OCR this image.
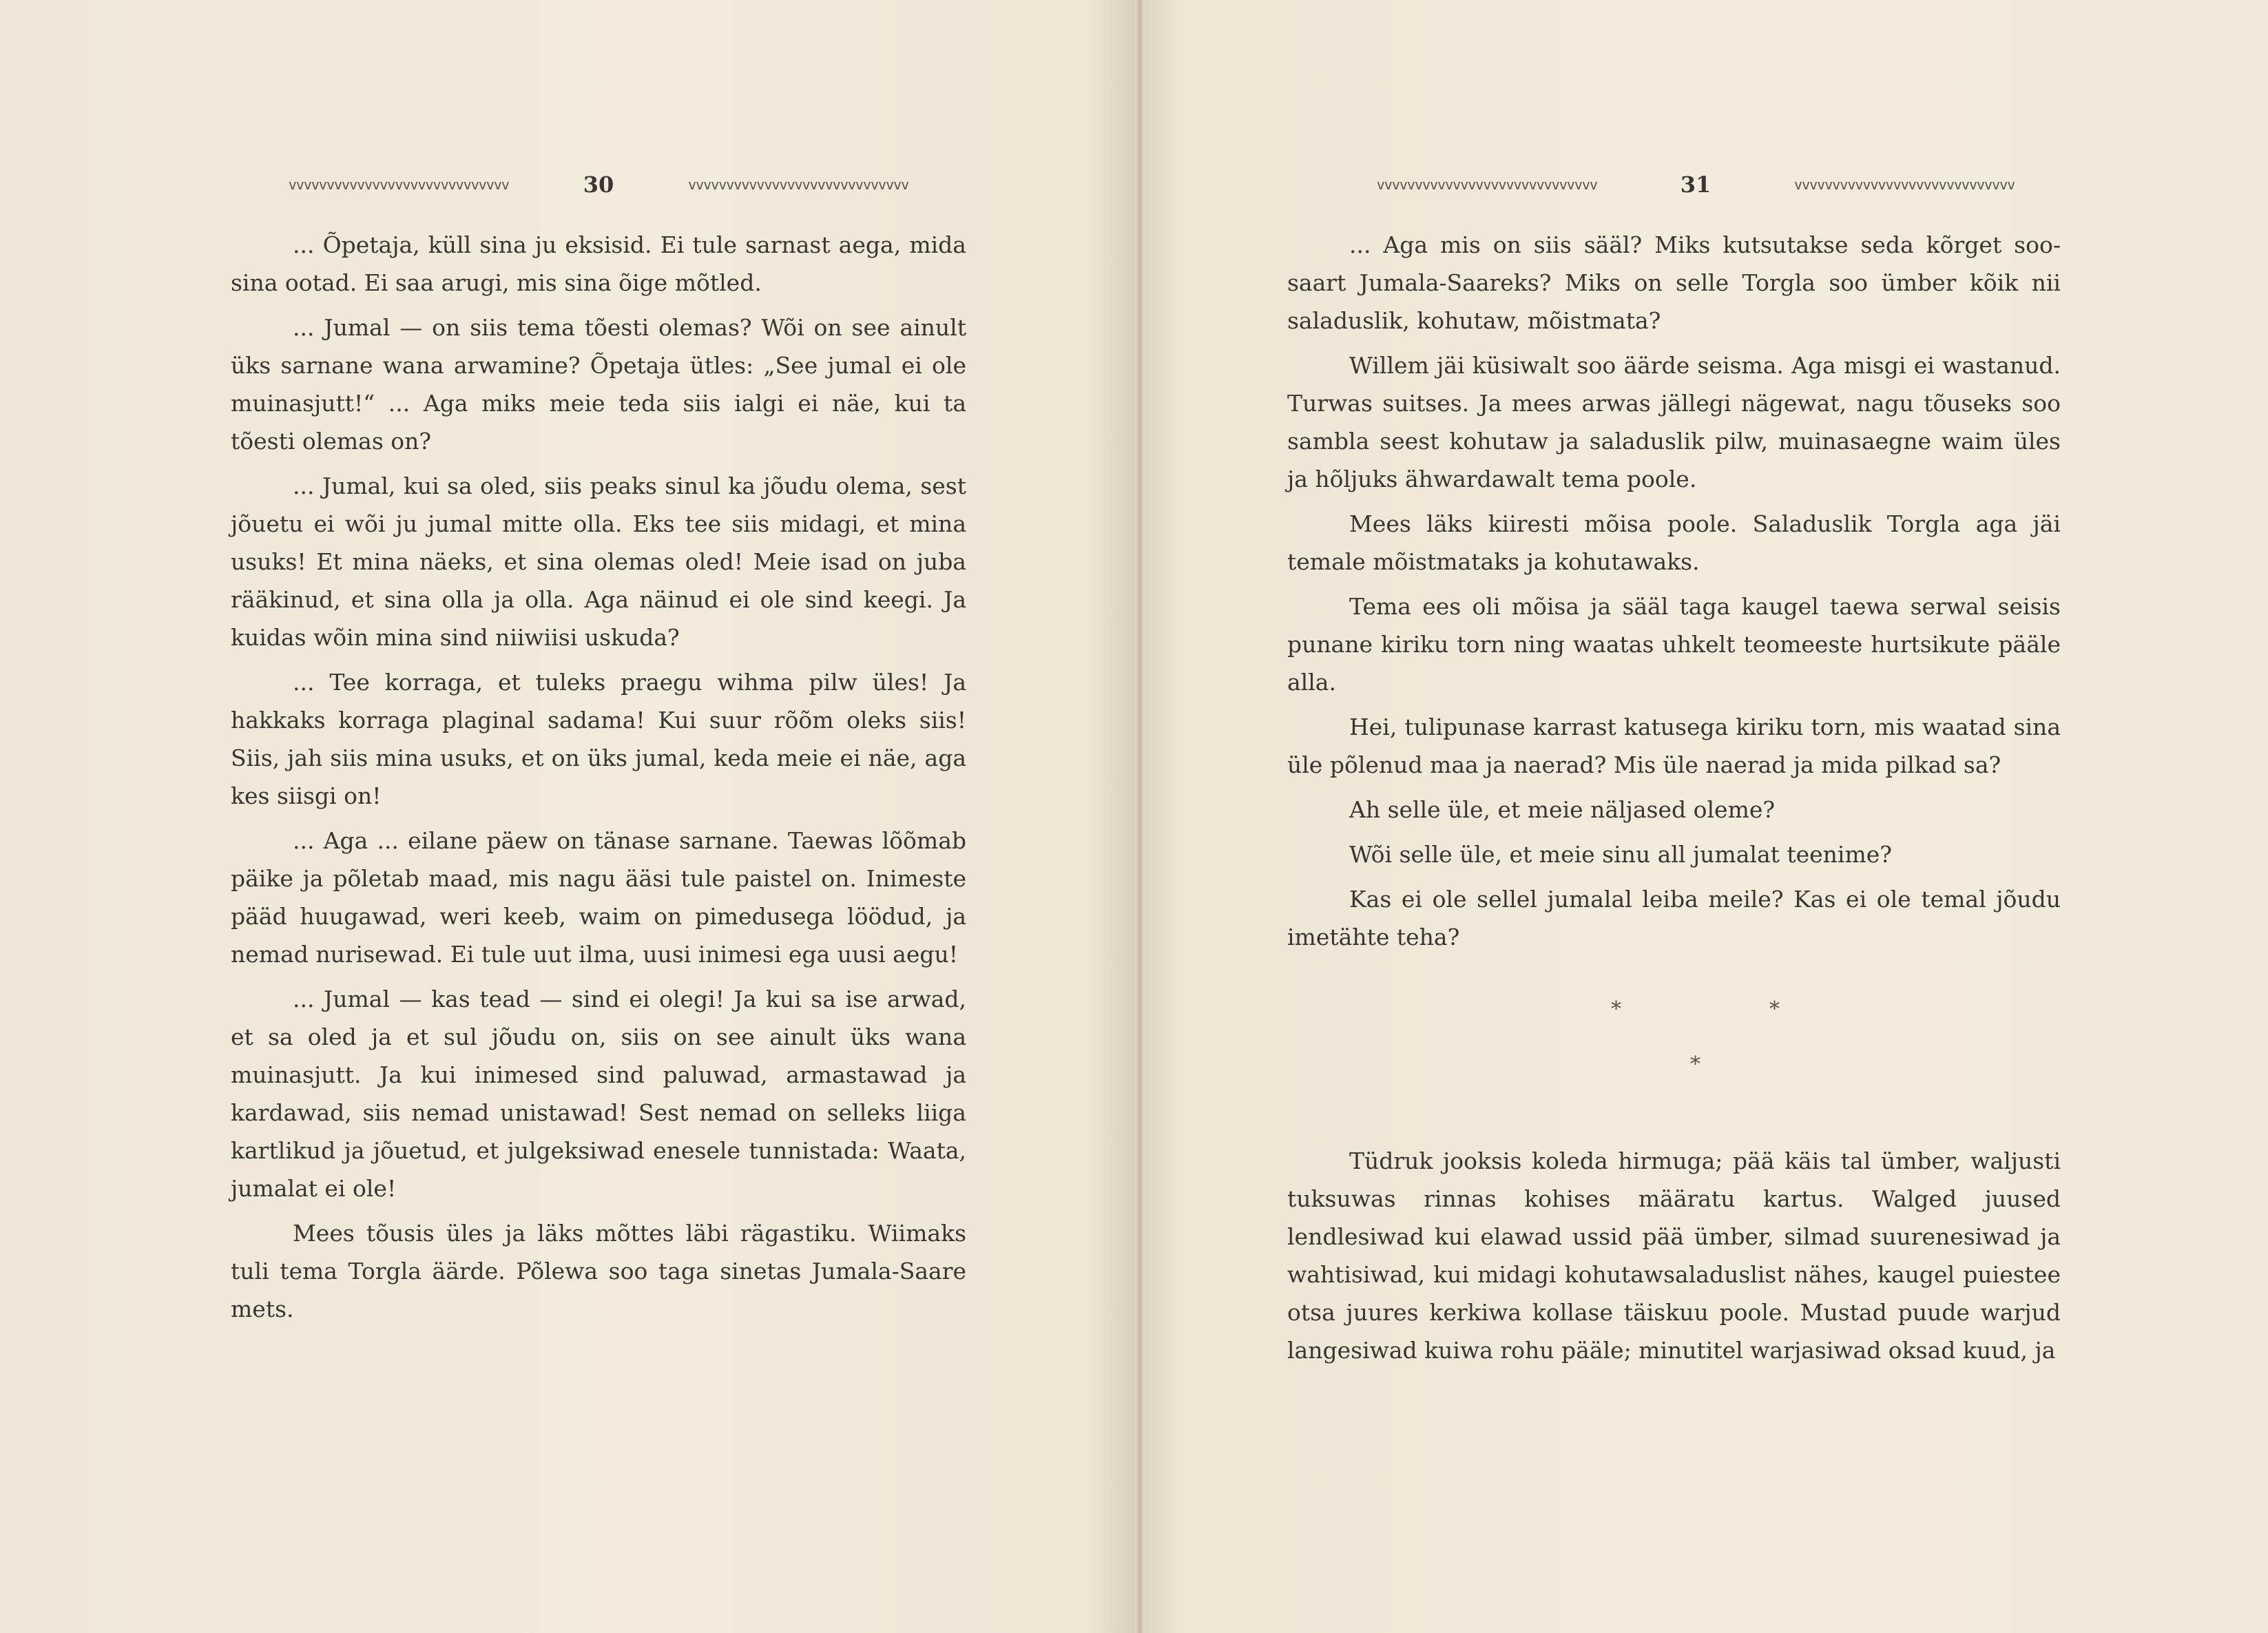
vvvvvvvvvvvvvvvvvvvvvvvvvvvvv	30	vvvvvvvvvvvvvvvvvvvvvvvvvvvvv

... Õpetaja, küll sina ju eksisid. Ei tule sarnast aega, mida sina ootad. Ei saa arugi, mis sina õige mõtled.

... Jumal — on siis tema tõesti olemas? Wõi on see ainult üks sarnane wana arwamine? Õpetaja ütles: „See jumal ei ole muinasjutt!“ ... Aga miks meie teda siis ialgi ei näe, kui ta tõesti olemas on?

... Jumal, kui sa oled, siis peaks sinul ka jõudu olema, sest jõuetu ei wõi ju jumal mitte olla. Eks tee siis midagi, et mina usuks! Et mina näeks, et sina olemas oled! Meie isad on juba rääkinud, et sina olla ja olla. Aga näinud ei ole sind keegi. Ja kuidas wõin mina sind niiwiisi uskuda?

... Tee korraga, et tuleks praegu wihma pilw üles! Ja hakkaks korraga plaginal sadama! Kui suur rõõm oleks siis! Siis, jah siis mina usuks, et on üks jumal, keda meie ei näe, aga kes siisgi on!

... Aga ... eilane päew on tänase sarnane. Taewas lõõmab päike ja põletab maad, mis nagu ääsi tule paistel on. Inimeste pääd huugawad, weri keeb, waim on pimedusega löödud, ja nemad nurisewad. Ei tule uut ilma, uusi inimesi ega uusi aegu!

... Jumal — kas tead — sind ei olegi! Ja kui sa ise arwad, et sa oled ja et sul jõudu on, siis on see ainult üks wana muinasjutt. Ja kui inimesed sind paluwad, armastawad ja kardawad, siis nemad unistawad! Sest nemad on selleks liiga kartlikud ja jõuetud, et julgeksiwad enesele tunnistada: Waata, jumalat ei ole!

Mees tõusis üles ja läks mõttes läbi rägastiku. Wiimaks tuli tema Torgla äärde. Põlewa soo taga sinetas Jumala-Saare mets.

vvvvvvvvvvvvvvvvvvvvvvvvvvvvv	31	vvvvvvvvvvvvvvvvvvvvvvvvvvvvv

... Aga mis on siis sääl? Miks kutsutakse seda kõrget soo-saart Jumala-Saareks? Miks on selle Torgla soo ümber kõik nii saladuslik, kohutaw, mõistmata?

Willem jäi küsiwalt soo äärde seisma. Aga misgi ei wastanud. Turwas suitses. Ja mees arwas jällegi nägewat, nagu tõuseks soo sambla seest kohutaw ja saladuslik pilw, muinasaegne waim üles ja hõljuks ähwardawalt tema poole.

Mees läks kiiresti mõisa poole. Saladuslik Torgla aga jäi temale mõistmataks ja kohutawaks.

Tema ees oli mõisa ja sääl taga kaugel taewa serwal seisis punane kiriku torn ning waatas uhkelt teomeeste hurtsikute pääle alla.

Hei, tulipunase karrast katusega kiriku torn, mis waatad sina üle põlenud maa ja naerad? Mis üle naerad ja mida pilkad sa?

Ah selle üle, et meie näljased oleme?

Wõi selle üle, et meie sinu all jumalat teenime?

Kas ei ole sellel jumalal leiba meile? Kas ei ole temal jõudu imetähte teha?

*	*
*

Tüdruk jooksis koleda hirmuga; pää käis tal ümber, waljusti tuksuwas rinnas kohises määratu kartus. Walged juused lendlesiwad kui elawad ussid pää ümber, silmad suurenesiwad ja wahtisiwad, kui midagi kohutawsaladuslist nähes, kaugel puiestee otsa juures kerkiwa kollase täiskuu poole. Mustad puude warjud langesiwad kuiwa rohu pääle; minutitel warjasiwad oksad kuud, ja
